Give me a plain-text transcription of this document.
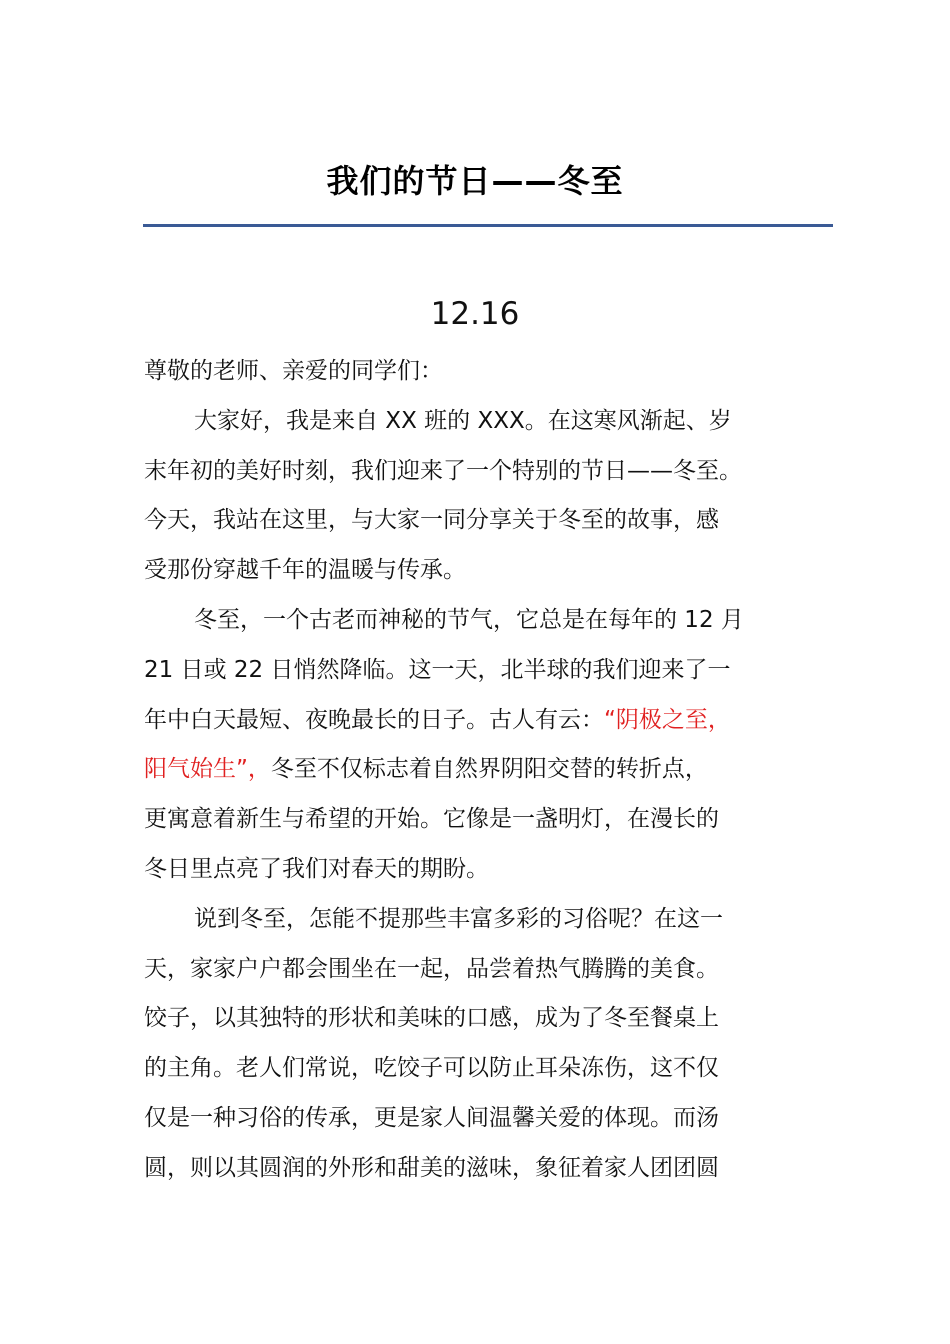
我们的节日——冬至
12.16
尊敬的老师、亲爱的同学们：
大家好，我是来自 XX 班的 XXX。在这寒风渐起、岁
末年初的美好时刻，我们迎来了一个特别的节日——冬至。
今天，我站在这里，与大家一同分享关于冬至的故事，感
受那份穿越千年的温暖与传承。
冬至，一个古老而神秘的节气，它总是在每年的 12 月
21 日或 22 日悄然降临。这一天，北半球的我们迎来了一
年中白天最短、夜晚最长的日子。古人有云：“阴极之至，
阳气始生”，冬至不仅标志着自然界阴阳交替的转折点，
更寓意着新生与希望的开始。它像是一盏明灯，在漫长的
冬日里点亮了我们对春天的期盼。
说到冬至，怎能不提那些丰富多彩的习俗呢？在这一
天，家家户户都会围坐在一起，品尝着热气腾腾的美食。
饺子，以其独特的形状和美味的口感，成为了冬至餐桌上
的主角。老人们常说，吃饺子可以防止耳朵冻伤，这不仅
仅是一种习俗的传承，更是家人间温馨关爱的体现。而汤
圆，则以其圆润的外形和甜美的滋味，象征着家人团团圆
